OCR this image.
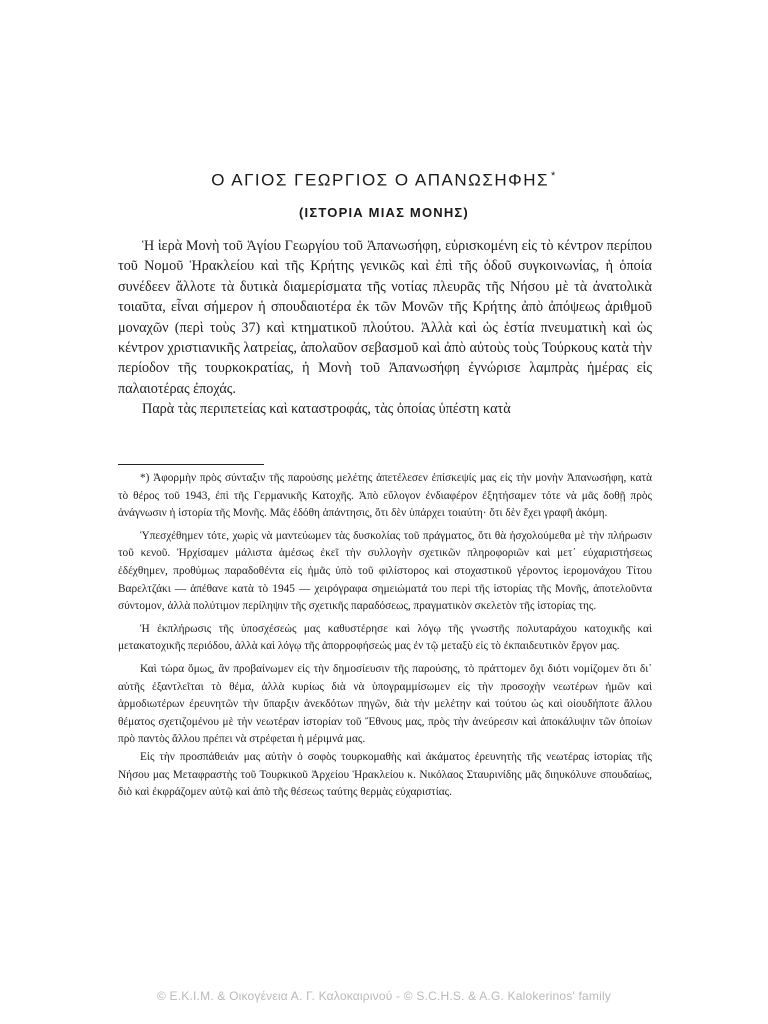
Ο ΑΓΙΟΣ ΓΕΩΡΓΙΟΣ Ο ΑΠΑΝΩΣΗΦΗΣ *
(ΙΣΤΟΡΙΑ ΜΙΑΣ ΜΟΝΗΣ)

Ἡ ἱερὰ Μονὴ τοῦ Ἁγίου Γεωργίου τοῦ Ἀπανωσήφη, εὑρισκομένη εἰς τὸ κέντρον περίπου τοῦ Νομοῦ Ἡρακλείου καὶ τῆς Κρήτης γενικῶς καὶ ἐπὶ τῆς ὁδοῦ συγκοινωνίας, ἡ ὁποία συνέδεεν ἄλλοτε τὰ δυτικὰ διαμερίσματα τῆς νοτίας πλευρᾶς τῆς Νήσου μὲ τὰ ἀνατολικὰ τοιαῦτα, εἶναι σήμερον ἡ σπουδαιοτέρα ἐκ τῶν Μονῶν τῆς Κρήτης ἀπὸ ἀπόψεως ἀριθμοῦ μοναχῶν (περὶ τοὺς 37) καὶ κτηματικοῦ πλούτου. Ἀλλὰ καὶ ὡς ἑστία πνευματικὴ καὶ ὡς κέντρον χριστιανικῆς λατρείας, ἀπολαῦον σεβασμοῦ καὶ ἀπὸ αὐτοὺς τοὺς Τούρκους κατὰ τὴν περίοδον τῆς τουρκοκρατίας, ἡ Μονὴ τοῦ Ἀπανωσήφη ἐγνώρισε λαμπρὰς ἡμέρας εἰς παλαιοτέρας ἐποχάς.

Παρὰ τὰς περιπετείας καὶ καταστροφάς, τὰς ὁποίας ὑπέστη κατὰ

*) Ἀφορμὴν πρὸς σύνταξιν τῆς παρούσης μελέτης ἀπετέλεσεν ἐπίσκεψίς μας εἰς τὴν μονὴν Ἀπανωσήφη, κατὰ τὸ θέρος τοῦ 1943, ἐπὶ τῆς Γερμανικῆς Κατοχῆς. Ἀπὸ εὔλογον ἐνδιαφέρον ἐξητήσαμεν τότε νὰ μᾶς δοθῇ πρὸς ἀνάγνωσιν ἡ ἱστορία τῆς Μονῆς. Μᾶς ἐδόθη ἀπάντησις, ὅτι δὲν ὑπάρχει τοιαύτη· ὅτι δὲν ἔχει γραφῆ ἀκόμη.

Ὑπεσχέθημεν τότε, χωρὶς νὰ μαντεύωμεν τὰς δυσκολίας τοῦ πράγματος, ὅτι θὰ ἠσχολούμεθα μὲ τὴν πλήρωσιν τοῦ κενοῦ. Ἠρχίσαμεν μάλιστα ἀμέσως ἐκεῖ τὴν συλλογὴν σχετικῶν πληροφοριῶν καὶ μετ᾽ εὐχαριστήσεως ἐδέχθημεν, προθύμως παραδοθέντα εἰς ἡμᾶς ὑπὸ τοῦ φιλίστορος καὶ στοχαστικοῦ γέροντος ἱερομονάχου Τίτου Βαρελτζάκι — ἀπέθανε κατὰ τὸ 1945 — χειρόγραφα σημειώματά του περὶ τῆς ἱστορίας τῆς Μονῆς, ἀποτελοῦντα σύντομον, ἀλλὰ πολύτιμον περίληψιν τῆς σχετικῆς παραδόσεως, πραγματικὸν σκελετὸν τῆς ἱστορίας της.

Ἡ ἐκπλήρωσις τῆς ὑποσχέσεώς μας καθυστέρησε καὶ λόγῳ τῆς γνωστῆς πολυταράχου κατοχικῆς καὶ μετακατοχικῆς περιόδου, ἀλλὰ καὶ λόγῳ τῆς ἀπορροφήσεώς μας ἐν τῷ μεταξὺ εἰς τὸ ἐκπαιδευτικὸν ἔργον μας.

Καὶ τώρα ὅμως, ἂν προβαίνωμεν εἰς τὴν δημοσίευσιν τῆς παρούσης, τὸ πράττομεν ὄχι διότι νομίζομεν ὅτι δι᾽ αὐτῆς ἐξαντλεῖται τὸ θέμα, ἀλλὰ κυρίως διὰ νὰ ὑπογραμμίσωμεν εἰς τὴν προσοχὴν νεωτέρων ἡμῶν καὶ ἁρμοδιωτέρων ἐρευνητῶν τὴν ὕπαρξιν ἀνεκδότων πηγῶν, διὰ τὴν μελέτην καὶ τούτου ὡς καὶ οἱουδήποτε ἄλλου θέματος σχετιζομένου μὲ τὴν νεωτέραν ἱστορίαν τοῦ Ἔθνους μας, πρὸς τὴν ἀνεύρεσιν καὶ ἀποκάλυψιν τῶν ὁποίων πρὸ παντὸς ἄλλου πρέπει νὰ στρέφεται ἡ μέριμνά μας.

Εἰς τὴν προσπάθειάν μας αὐτὴν ὁ σοφὸς τουρκομαθὴς καὶ ἀκάματος ἐρευνητὴς τῆς νεωτέρας ἱστορίας τῆς Νήσου μας Μεταφραστὴς τοῦ Τουρκικοῦ Ἀρχείου Ἡρακλείου κ. Νικόλαος Σταυρινίδης μᾶς διηυκόλυνε σπουδαίως, διὸ καὶ ἐκφράζομεν αὐτῷ καὶ ἀπὸ τῆς θέσεως ταύτης θερμὰς εὐχαριστίας.

© Ε.Κ.Ι.Μ. & Οικογένεια Α. Γ. Καλοκαιρινού - © S.C.H.S. & A.G. Kalokerinos' family
